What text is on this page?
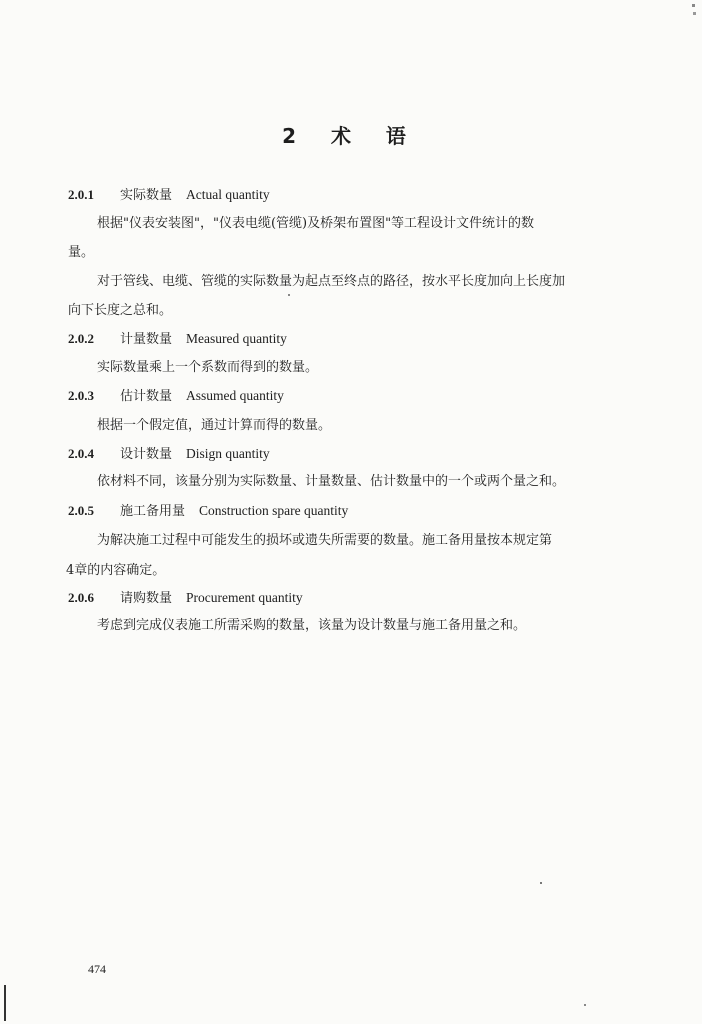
2 术 语
2.0.1 实际数量 Actual quantity
根据"仪表安装图"，"仪表电缆(管缆)及桥架布置图"等工程设计文件统计的数
量。
对于管线、电缆、管缆的实际数量为起点至终点的路径，按水平长度加向上长度加
向下长度之总和。
2.0.2 计量数量 Measured quantity
实际数量乘上一个系数而得到的数量。
2.0.3 估计数量 Assumed quantity
根据一个假定值，通过计算而得的数量。
2.0.4 设计数量 Disign quantity
依材料不同，该量分别为实际数量、计量数量、估计数量中的一个或两个量之和。
2.0.5 施工备用量 Construction spare quantity
为解决施工过程中可能发生的损坏或遗失所需要的数量。施工备用量按本规定第
4章的内容确定。
2.0.6 请购数量 Procurement quantity
考虑到完成仪表施工所需采购的数量，该量为设计数量与施工备用量之和。
474
